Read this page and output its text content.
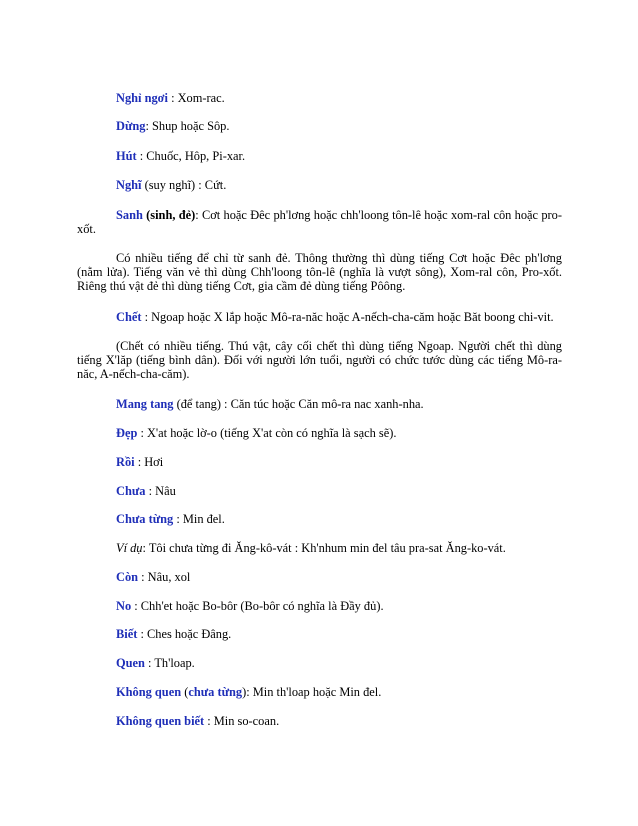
Nghỉ ngơi : Xom-rac.

Dừng: Shup hoặc Sôp.

Hút : Chuốc, Hôp, Pi-xar.

Nghĩ (suy nghĩ) : Cứt.

Sanh (sinh, đẻ): Cơt hoặc Đêc ph'lơng hoặc chh'loong tôn-lê hoặc xom-ral côn hoặc pro-xốt.

Có nhiều tiếng để chỉ từ sanh đẻ. Thông thường thì dùng tiếng Cơt hoặc Đêc ph'lơng (nằm lửa). Tiếng văn vẻ thì dùng Chh'loong tôn-lê (nghĩa là vượt sông), Xom-ral côn, Pro-xốt. Riêng thú vật đẻ thì dùng tiếng Cơt, gia cầm đẻ dùng tiếng Pôông.

Chết : Ngoap hoặc X lắp hoặc Mô-ra-năc hoặc A-nếch-cha-căm hoặc Băt boong chi-vit.

(Chết có nhiều tiếng. Thú vật, cây cối chết thì dùng tiếng Ngoap. Người chết thì dùng tiếng X'lăp (tiếng bình dân). Đối với người lớn tuổi, người có chức tước dùng các tiếng Mô-ra-năc, A-nếch-cha-căm).

Mang tang (để tang) : Căn túc hoặc Căn mô-ra nac xanh-nha.

Đẹp : X'at hoặc lờ-o (tiếng X'at còn có nghĩa là sạch sẽ).

Rồi : Hơi

Chưa : Nâu

Chưa từng : Min đel.

Ví dụ: Tôi chưa từng đi Ăng-kô-vát : Kh'nhum min đel tâu pra-sat Ăng-ko-vát.

Còn : Nâu, xol

No : Chh'et hoặc Bo-bôr (Bo-bôr có nghĩa là Đầy đủ).

Biết : Ches hoặc Đâng.

Quen : Th'loap.

Không quen (chưa từng): Min th'loap hoặc Min đel.

Không quen biết : Min so-coan.
